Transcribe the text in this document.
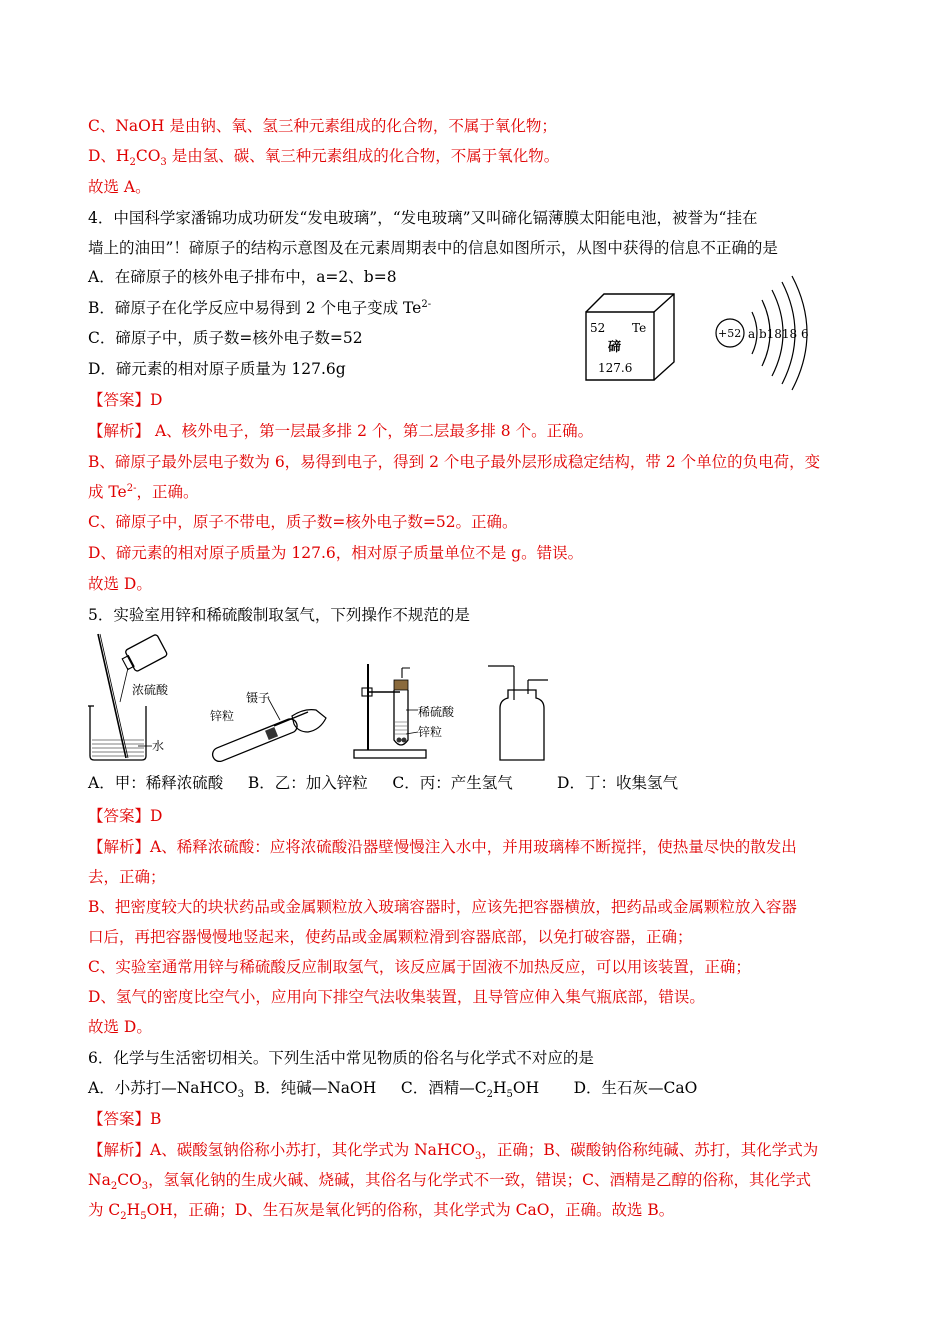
C、NaOH 是由钠、氧、氢三种元素组成的化合物，不属于氧化物；
D、$H_2CO_3$ 是由氢、碳、氧三种元素组成的化合物，不属于氧化物。
故选 A。
4．中国科学家潘锦功成功研发“发电玻璃”，“发电玻璃”又叫碲化镉薄膜太阳能电池，被誉为“挂在
墙上的油田”！碲原子的结构示意图及在元素周期表中的信息如图所示，从图中获得的信息不正确的是
A．在碲原子的核外电子排布中，a=2、b=8
B．碲原子在化学反应中易得到 2 个电子变成 $Te^{2-}$
C．碲原子中，质子数=核外电子数=52
D．碲元素的相对原子质量为 127.6g
52 Te
碲
127.6
+52 a b1818 6
【答案】D
【解析】 A、核外电子，第一层最多排 2 个，第二层最多排 8 个。正确。
B、碲原子最外层电子数为 6，易得到电子，得到 2 个电子最外层形成稳定结构，带 2 个单位的负电荷，变
成 $Te^{2-}$，正确。
C、碲原子中，原子不带电，质子数=核外电子数=52。正确。
D、碲元素的相对原子质量为 127.6，相对原子质量单位不是 g。错误。
故选 D。
5．实验室用锌和稀硫酸制取氢气，下列操作不规范的是
浓硫酸
水
镊子
锌粒	稀硫酸
锌粒
A．甲：稀释浓硫酸     B．乙：加入锌粒     C．丙：产生氢气         D．丁：收集氢气
【答案】D
【解析】A、稀释浓硫酸：应将浓硫酸沿器壁慢慢注入水中，并用玻璃棒不断搅拌，使热量尽快的散发出
去，正确；
B、把密度较大的块状药品或金属颗粒放入玻璃容器时，应该先把容器横放，把药品或金属颗粒放入容器
口后，再把容器慢慢地竖起来，使药品或金属颗粒滑到容器底部，以免打破容器，正确；
C、实验室通常用锌与稀硫酸反应制取氢气，该反应属于固液不加热反应，可以用该装置，正确；
D、氢气的密度比空气小，应用向下排空气法收集装置，且导管应伸入集气瓶底部，错误。
故选 D。
6．化学与生活密切相关。下列生活中常见物质的俗名与化学式不对应的是
A．小苏打—NaHCO$_3$  B．纯碱—NaOH     C．酒精$—C_2H_5OH$       D．生石灰—CaO
【答案】B
【解析】A、碳酸氢钠俗称小苏打，其化学式为 NaHCO$_3$，正确；B、碳酸钠俗称纯碱、苏打，其化学式为
$Na_2CO_3$，氢氧化钠的生成火碱、烧碱，其俗名与化学式不一致，错误；C、酒精是乙醇的俗称，其化学式
为 $C_2H_5OH$，正确；D、生石灰是氧化钙的俗称，其化学式为 CaO，正确。故选 B。
